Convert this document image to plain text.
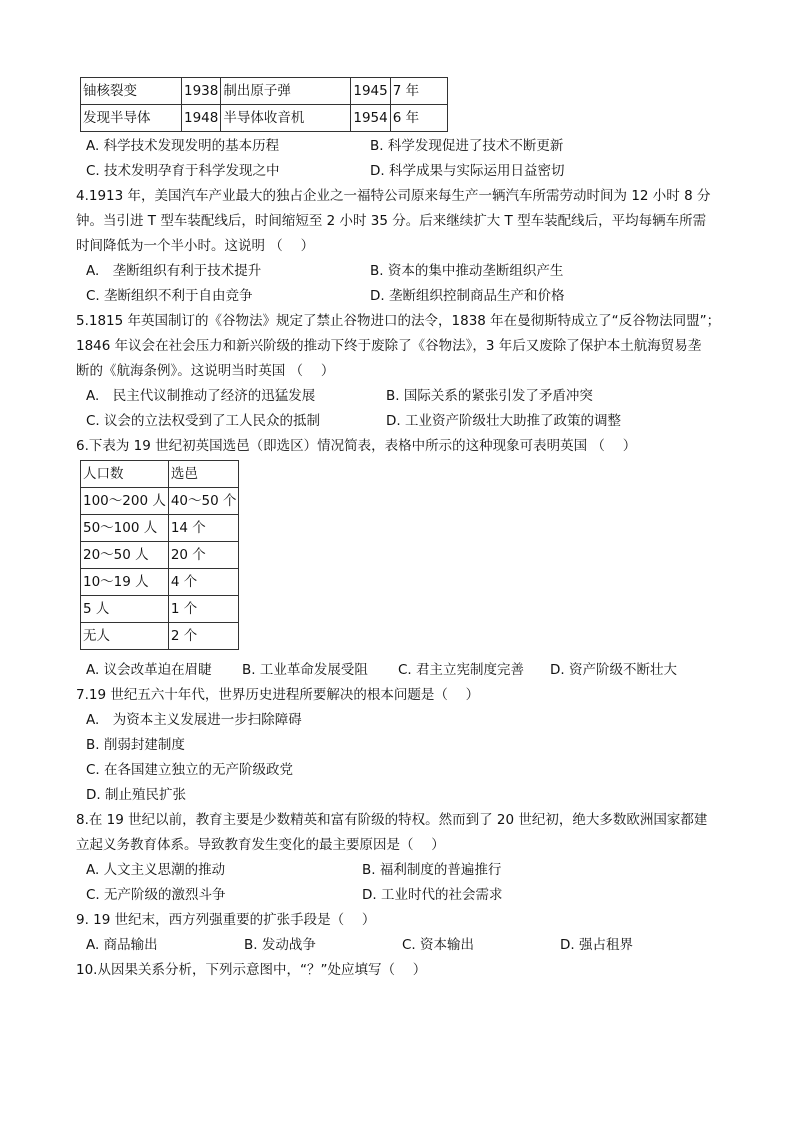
铀核裂变	1938	制出原子弹	1945	7 年
发现半导体	1948	半导体收音机	1954	6 年
A. 科学技术发现发明的基本历程	B. 科学发现促进了技术不断更新
C. 技术发明孕育于科学发现之中	D. 科学成果与实际运用日益密切
4.1913 年，美国汽车产业最大的独占企业之一福特公司原来每生产一辆汽车所需劳动时间为 12 小时 8 分
钟。当引进 T 型车装配线后，时间缩短至 2 小时 35 分。后来继续扩大 T 型车装配线后，平均每辆车所需
时间降低为一个半小时。这说明 （　 ）
A.　垄断组织有利于技术提升	B. 资本的集中推动垄断组织产生
C. 垄断组织不利于自由竞争	D. 垄断组织控制商品生产和价格
5.1815 年英国制订的《谷物法》规定了禁止谷物进口的法令，1838 年在曼彻斯特成立了“反谷物法同盟”；
1846 年议会在社会压力和新兴阶级的推动下终于废除了《谷物法》，3 年后又废除了保护本土航海贸易垄
断的《航海条例》。这说明当时英国 （　 ）
A.　民主代议制推动了经济的迅猛发展	B. 国际关系的紧张引发了矛盾冲突
C. 议会的立法权受到了工人民众的抵制	D. 工业资产阶级壮大助推了政策的调整
6.下表为 19 世纪初英国选邑（即选区）情况简表，表格中所示的这种现象可表明英国 （　 ）
人口数	选邑
100～200 人	40～50 个
50～100 人	14 个
20～50 人	20 个
10～19 人	4 个
5 人	1 个
无人	2 个
A. 议会改革迫在眉睫 B. 工业革命发展受阻 C. 君主立宪制度完善 D. 资产阶级不断壮大
7.19 世纪五六十年代，世界历史进程所要解决的根本问题是（　 ）
A.　为资本主义发展进一步扫除障碍
B. 削弱封建制度
C. 在各国建立独立的无产阶级政党
D. 制止殖民扩张
8.在 19 世纪以前，教育主要是少数精英和富有阶级的特权。然而到了 20 世纪初，绝大多数欧洲国家都建
立起义务教育体系。导致教育发生变化的最主要原因是（　 ）
A. 人文主义思潮的推动	B. 福利制度的普遍推行
C. 无产阶级的激烈斗争	D. 工业时代的社会需求
9. 19 世纪末，西方列强重要的扩张手段是（　 ）
A. 商品输出	B. 发动战争	C. 资本输出	D. 强占租界
10.从因果关系分析，下列示意图中，“？”处应填写（　 ）
